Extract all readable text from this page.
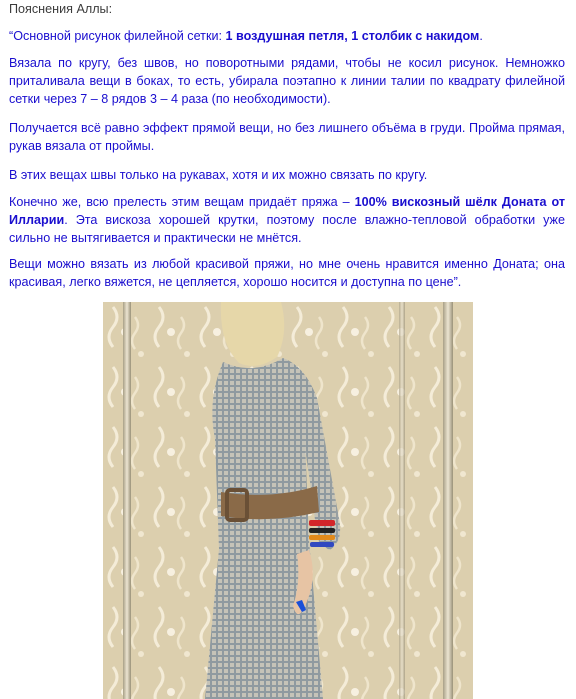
Пояснения Аллы:

“Основной рисунок филейной сетки: 1 воздушная петля, 1 столбик с накидом.

Вязала по кругу, без швов, но поворотными рядами, чтобы не косил рисунок. Немножко приталивала вещи в боках, то есть, убирала поэтапно к линии талии по квадрату филейной сетки через 7 – 8 рядов 3 – 4 раза (по необходимости).

Получается всё равно эффект прямой вещи, но без лишнего объёма в груди. Пройма прямая, рукав вязала от проймы.

В этих вещах швы только на рукавах, хотя и их можно связать по кругу.

Конечно же, всю прелесть этим вещам придаёт пряжа – 100% вискозный шёлк Доната от Илларии. Эта вискоза хорошей крутки, поэтому после влажно-тепловой обработки уже сильно не вытягивается и практически не мнётся.

Вещи можно вязать из любой красивой пряжи, но мне очень нравится именно Доната; она красивая, легко вяжется, не цепляется, хорошо носится и доступна по цене”.
